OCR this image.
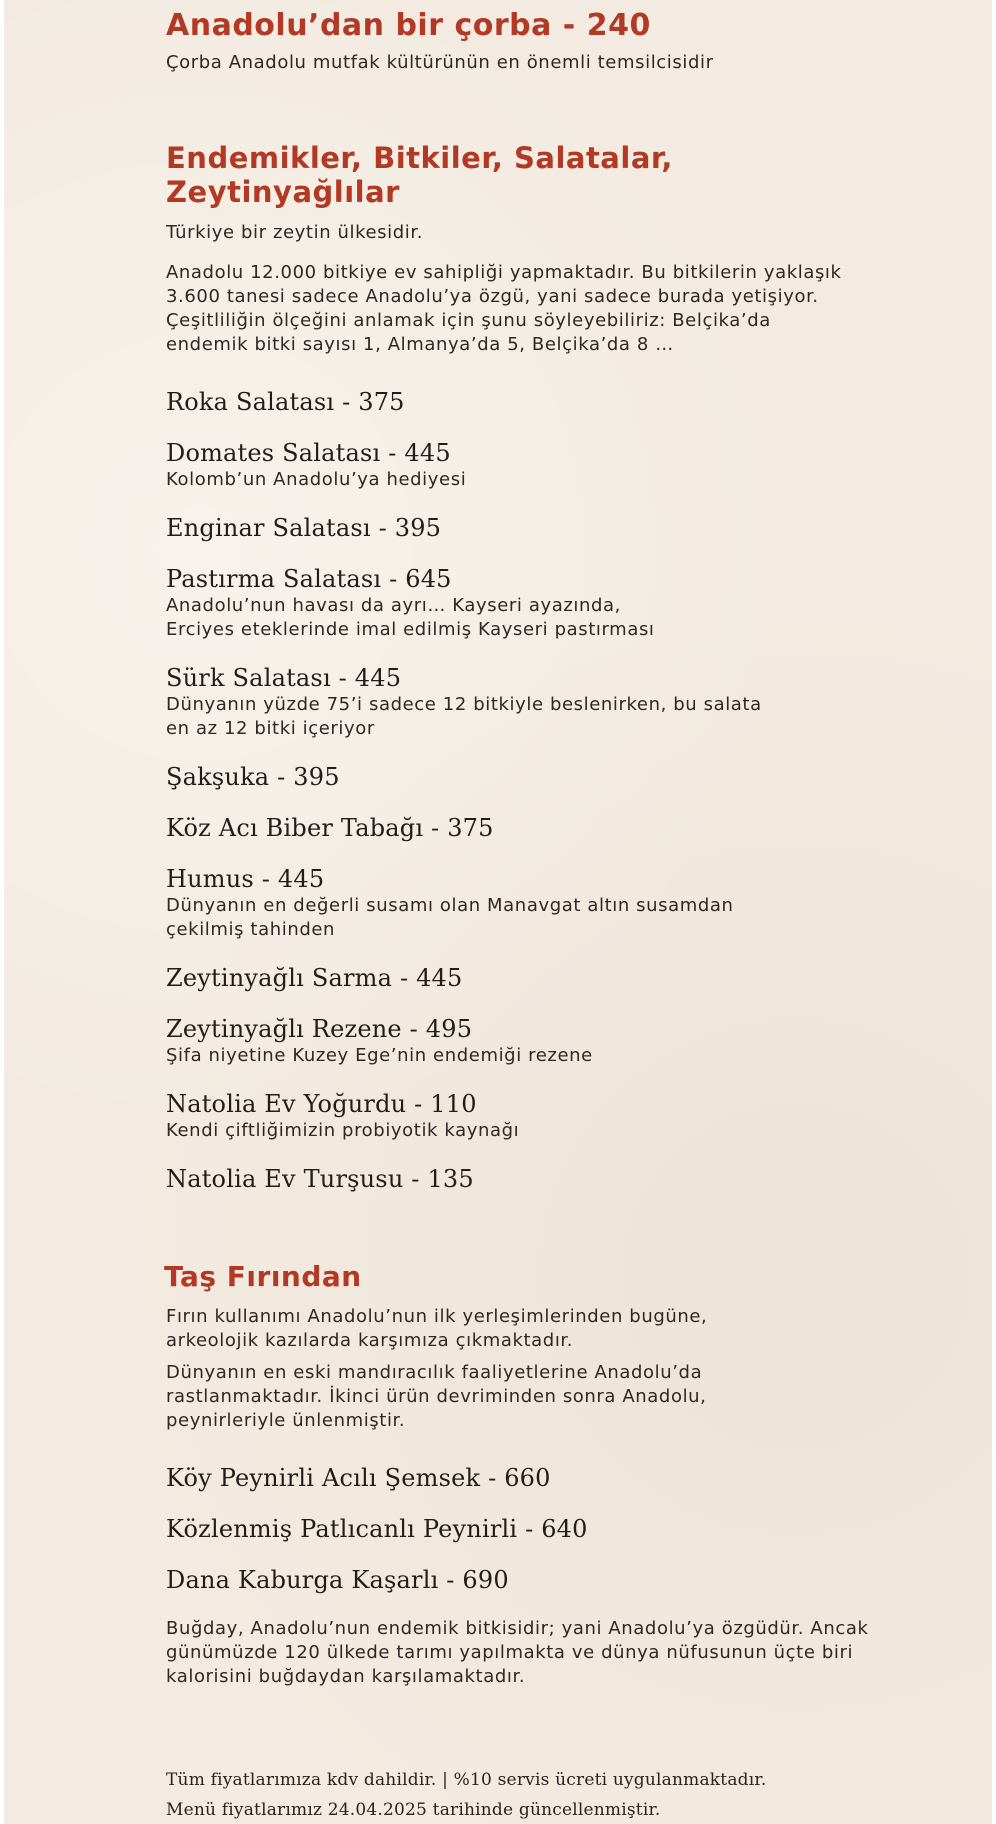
Anadolu’dan bir çorba - 240

Çorba Anadolu mutfak kültürünün en önemli temsilcisidir

Endemikler, Bitkiler, Salatalar, Zeytinyağlılar

Türkiye bir zeytin ülkesidir.

Anadolu 12.000 bitkiye ev sahipliği yapmaktadır. Bu bitkilerin yaklaşık
3.600 tanesi sadece Anadolu’ya özgü, yani sadece burada yetişiyor.
Çeşitliliğin ölçeğini anlamak için şunu söyleyebiliriz: Belçika’da
endemik bitki sayısı 1, Almanya’da 5, Belçika’da 8 …
Roka Salatası - 375
Domates Salatası - 445
Kolomb’un Anadolu’ya hediyesi
Enginar Salatası - 395
Pastırma Salatası - 645
Anadolu’nun havası da ayrı… Kayseri ayazında,
Erciyes eteklerinde imal edilmiş Kayseri pastırması
Sürk Salatası - 445
Dünyanın yüzde 75’i sadece 12 bitkiyle beslenirken, bu salata
en az 12 bitki içeriyor
Şakşuka - 395
Köz Acı Biber Tabağı - 375
Humus - 445
Dünyanın en değerli susamı olan Manavgat altın susamdan
çekilmiş tahinden
Zeytinyağlı Sarma - 445
Zeytinyağlı Rezene - 495
Şifa niyetine Kuzey Ege’nin endemiği rezene
Natolia Ev Yoğurdu - 110
Kendi çiftliğimizin probiyotik kaynağı
Natolia Ev Turşusu - 135
Taş Fırından
Fırın kullanımı Anadolu’nun ilk yerleşimlerinden bugüne,
arkeolojik kazılarda karşımıza çıkmaktadır.
Dünyanın en eski mandıracılık faaliyetlerine Anadolu’da
rastlanmaktadır. İkinci ürün devriminden sonra Anadolu,
peynirleriyle ünlenmiştir.
Köy Peynirli Acılı Şemsek - 660
Közlenmiş Patlıcanlı Peynirli - 640
Dana Kaburga Kaşarlı - 690
Buğday, Anadolu’nun endemik bitkisidir; yani Anadolu’ya özgüdür. Ancak
günümüzde 120 ülkede tarımı yapılmakta ve dünya nüfusunun üçte biri
kalorisini buğdaydan karşılamaktadır.
Tüm fiyatlarımıza kdv dahildir. | %10 servis ücreti uygulanmaktadır.
Menü fiyatlarımız 24.04.2025 tarihinde güncellenmiştir.
